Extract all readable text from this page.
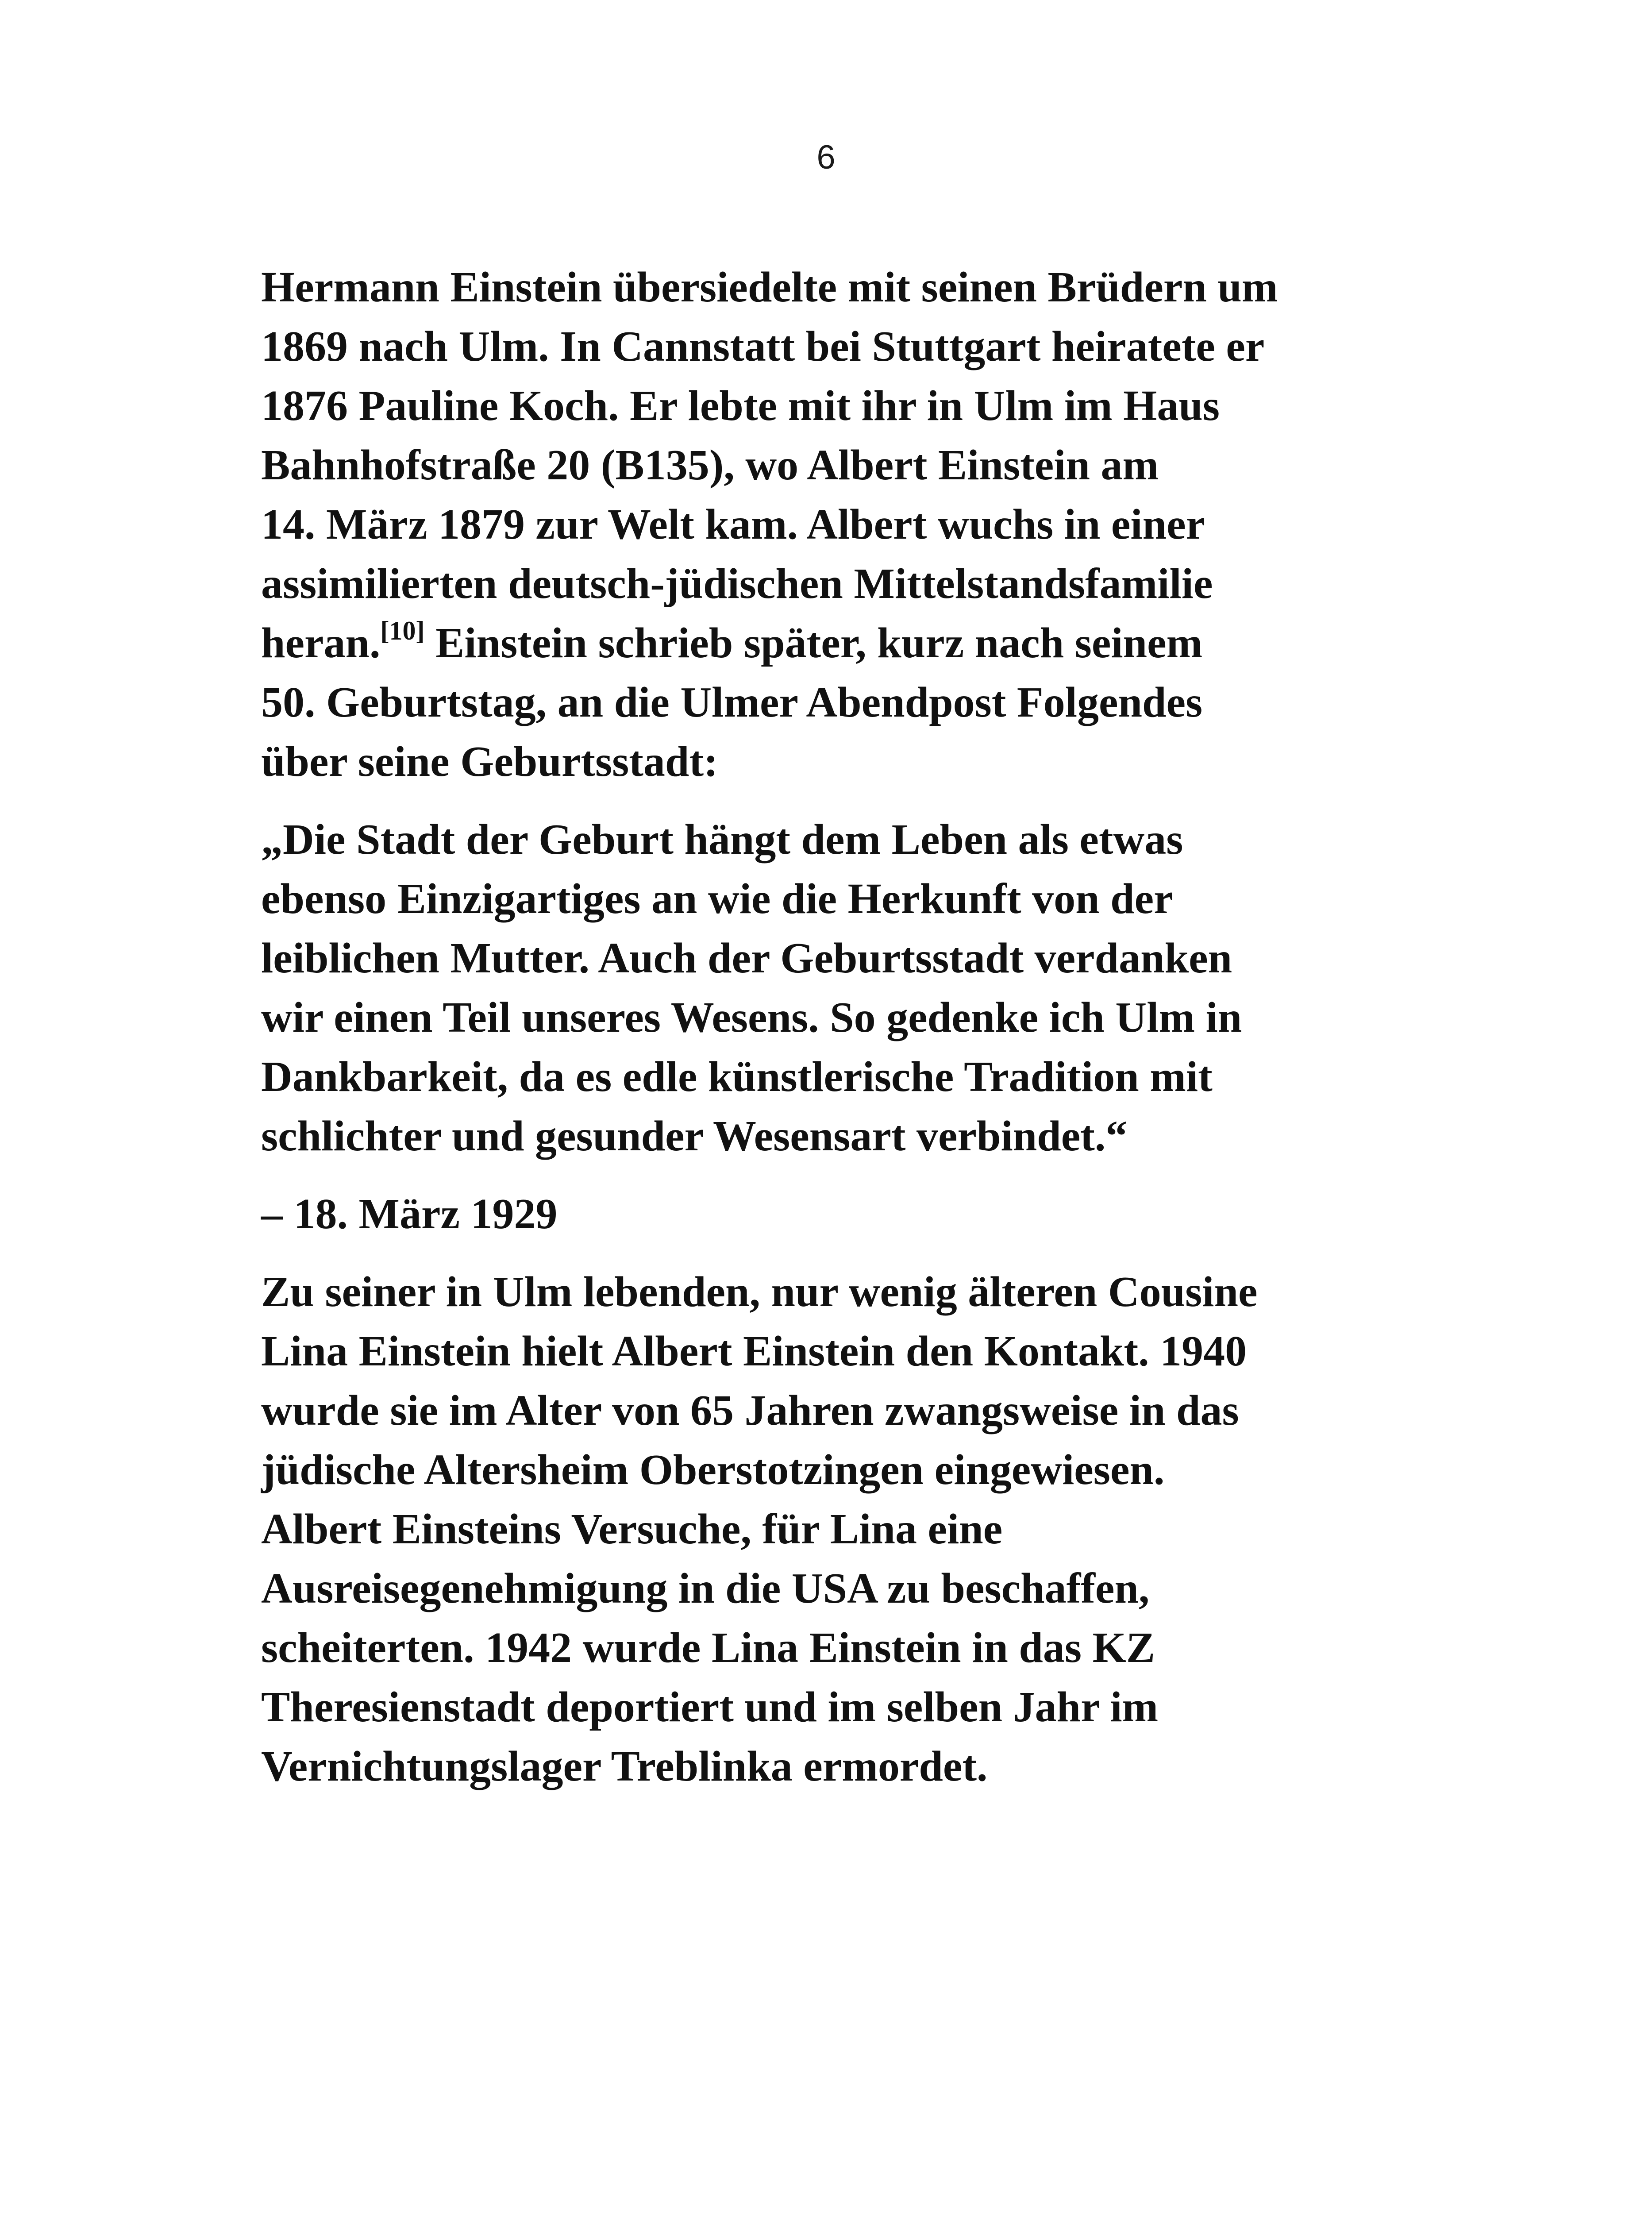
6

Hermann Einstein übersiedelte mit seinen Brüdern um
1869 nach Ulm. In Cannstatt bei Stuttgart heiratete er
1876 Pauline Koch. Er lebte mit ihr in Ulm im Haus
Bahnhofstraße 20 (B135), wo Albert Einstein am
14. März 1879 zur Welt kam. Albert wuchs in einer
assimilierten deutsch-jüdischen Mittelstandsfamilie
heran.[10] Einstein schrieb später, kurz nach seinem
50. Geburtstag, an die Ulmer Abendpost Folgendes
über seine Geburtsstadt:

„Die Stadt der Geburt hängt dem Leben als etwas
ebenso Einzigartiges an wie die Herkunft von der
leiblichen Mutter. Auch der Geburtsstadt verdanken
wir einen Teil unseres Wesens. So gedenke ich Ulm in
Dankbarkeit, da es edle künstlerische Tradition mit
schlichter und gesunder Wesensart verbindet.“

– 18. März 1929

Zu seiner in Ulm lebenden, nur wenig älteren Cousine
Lina Einstein hielt Albert Einstein den Kontakt. 1940
wurde sie im Alter von 65 Jahren zwangsweise in das
jüdische Altersheim Oberstotzingen eingewiesen.
Albert Einsteins Versuche, für Lina eine
Ausreisegenehmigung in die USA zu beschaffen,
scheiterten. 1942 wurde Lina Einstein in das KZ
Theresienstadt deportiert und im selben Jahr im
Vernichtungslager Treblinka ermordet.
